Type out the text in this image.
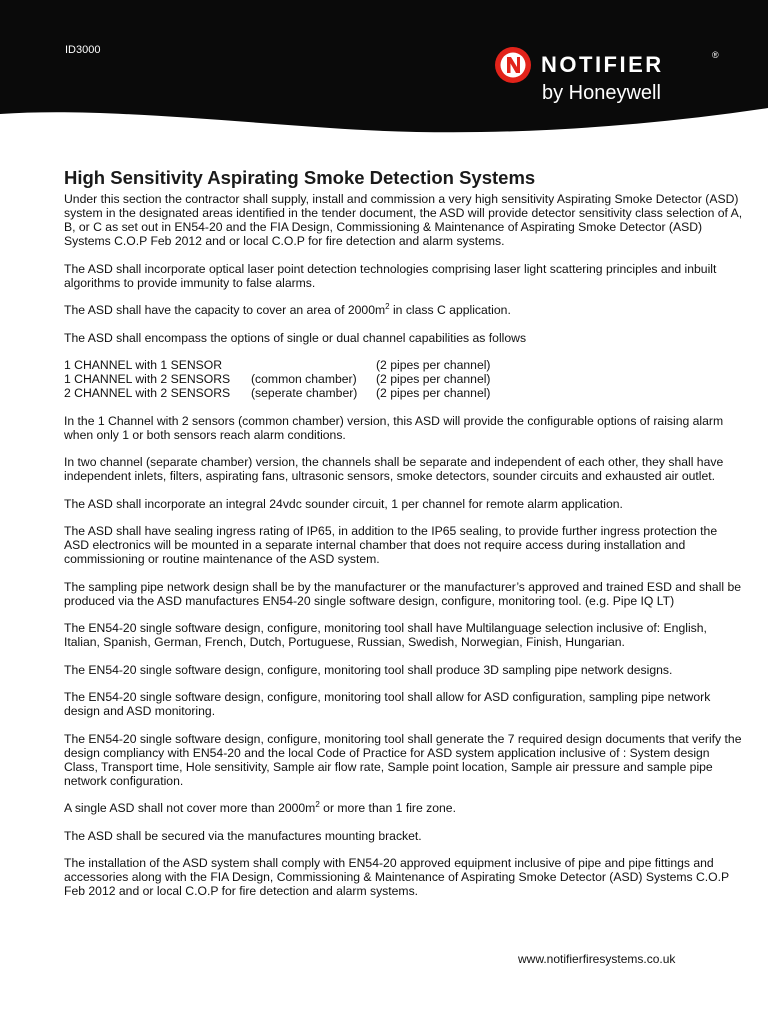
ID3000
NOTIFIER	®
by Honeywell
High Sensitivity Aspirating Smoke Detection Systems

Under this section the contractor shall supply, install and commission a very high sensitivity Aspirating Smoke Detector (ASD) system in the designated areas identified in the tender document, the ASD will provide detector sensitivity class selection of A, B, or C as set out in EN54-20 and the FIA Design, Commissioning & Maintenance of Aspirating Smoke Detector (ASD) Systems C.O.P Feb 2012 and or local C.O.P for fire detection and alarm systems.

The ASD shall incorporate optical laser point detection technologies comprising laser light scattering principles and inbuilt algorithms to provide immunity to false alarms.

The ASD shall have the capacity to cover an area of $2000m^2$ in class C application.

The ASD shall encompass the options of single or dual channel capabilities as follows

1 CHANNEL with 1 SENSOR		(2 pipes per channel)
1 CHANNEL with 2 SENSORS	(common chamber)	(2 pipes per channel)
2 CHANNEL with 2 SENSORS	(seperate chamber)	(2 pipes per channel)

In the 1 Channel with 2 sensors (common chamber) version, this ASD will provide the configurable options of raising alarm when only 1 or both sensors reach alarm conditions.

In two channel (separate chamber) version, the channels shall be separate and independent of each other, they shall have independent inlets, filters, aspirating fans, ultrasonic sensors, smoke detectors, sounder circuits and exhausted air outlet.

The ASD shall incorporate an integral 24vdc sounder circuit, 1 per channel for remote alarm application.

The ASD shall have sealing ingress rating of IP65, in addition to the IP65 sealing, to provide further ingress protection the ASD electronics will be mounted in a separate internal chamber that does not require access during installation and commissioning or routine maintenance of the ASD system.

The sampling pipe network design shall be by the manufacturer or the manufacturer’s approved and trained ESD and shall be produced via the ASD manufactures EN54-20 single software design, configure, monitoring tool. (e.g. Pipe IQ LT)

The EN54-20 single software design, configure, monitoring tool shall have Multilanguage selection inclusive of: English, Italian, Spanish, German, French, Dutch, Portuguese, Russian, Swedish, Norwegian, Finish, Hungarian.

The EN54-20 single software design, configure, monitoring tool shall produce 3D sampling pipe network designs.

The EN54-20 single software design, configure, monitoring tool shall allow for ASD configuration, sampling pipe network design and ASD monitoring.

The EN54-20 single software design, configure, monitoring tool shall generate the 7 required design documents that verify the design compliancy with EN54-20 and the local Code of Practice for ASD system application inclusive of : System design Class, Transport time, Hole sensitivity, Sample air flow rate, Sample point location, Sample air pressure and sample pipe network configuration.

A single ASD shall not cover more than $2000m^2$ or more than 1 fire zone.

The ASD shall be secured via the manufactures mounting bracket.

The installation of the ASD system shall comply with EN54-20 approved equipment inclusive of pipe and pipe fittings and accessories along with the FIA Design, Commissioning & Maintenance of Aspirating Smoke Detector (ASD) Systems C.O.P Feb 2012 and or local C.O.P for fire detection and alarm systems.

www.notifierfiresystems.co.uk
